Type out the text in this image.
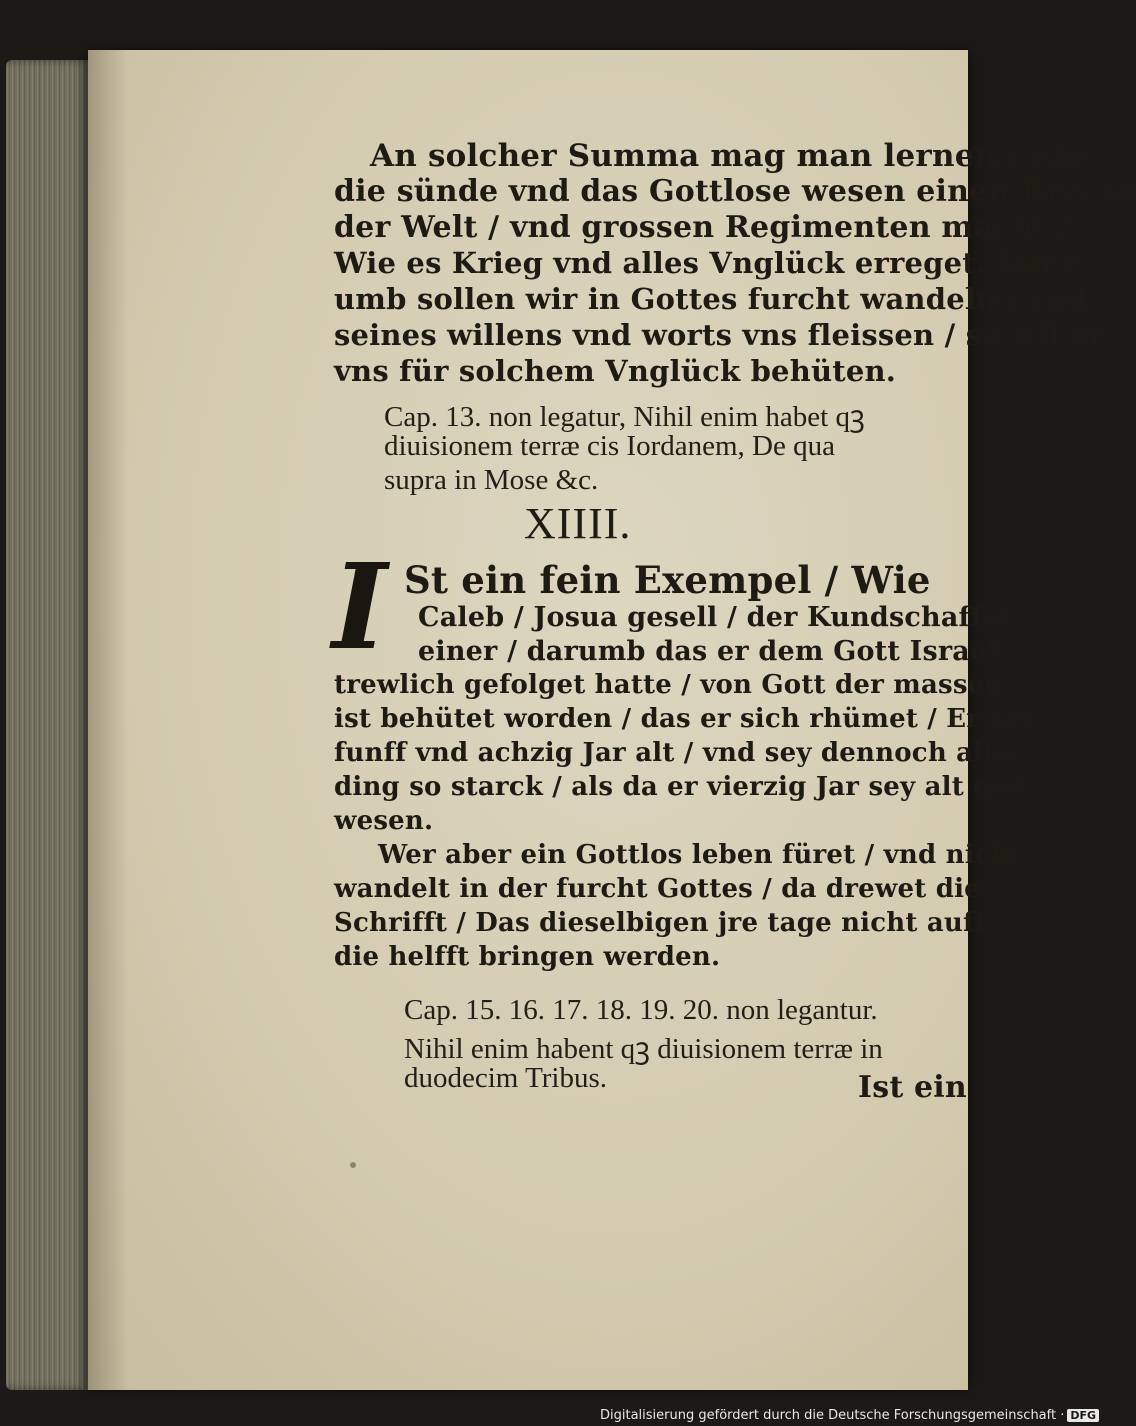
An solcher Summa mag man lernen / wie
die sünde vnd das Gottlose wesen einen Riss in
der Welt / vnd grossen Regimenten macht /
Wie es Krieg vnd alles Vnglück erreget. Dar=
umb sollen wir in Gottes furcht wandeln / vnd
seines willens vnd worts vns fleissen / so wil er
vns für solchem Vnglück behüten.
Cap. 13. non legatur, Nihil enim habet qꝫ
diuisionem terræ cis Iordanem, De qua
supra in Mose &c.
XIIII.
I St ein fein Exempel / Wie
Caleb / Josua gesell / der Kundschaffer
einer / darumb das er dem Gott Israel
trewlich gefolget hatte / von Gott der massen
ist behütet worden / das er sich rhümet / Er sey
funff vnd achzig Jar alt / vnd sey dennoch aller
ding so starck / als da er vierzig Jar sey alt ge=
wesen.
Wer aber ein Gottlos leben füret / vnd nicht
wandelt in der furcht Gottes / da drewet die
Schrifft / Das dieselbigen jre tage nicht auff
die helfft bringen werden.
Cap. 15. 16. 17. 18. 19. 20. non legantur.
Nihil enim habent qꝫ diuisionem terræ in
duodecim Tribus.	Ist ein
Digitalisierung gefördert durch die Deutsche Forschungsgemeinschaft · DFG
